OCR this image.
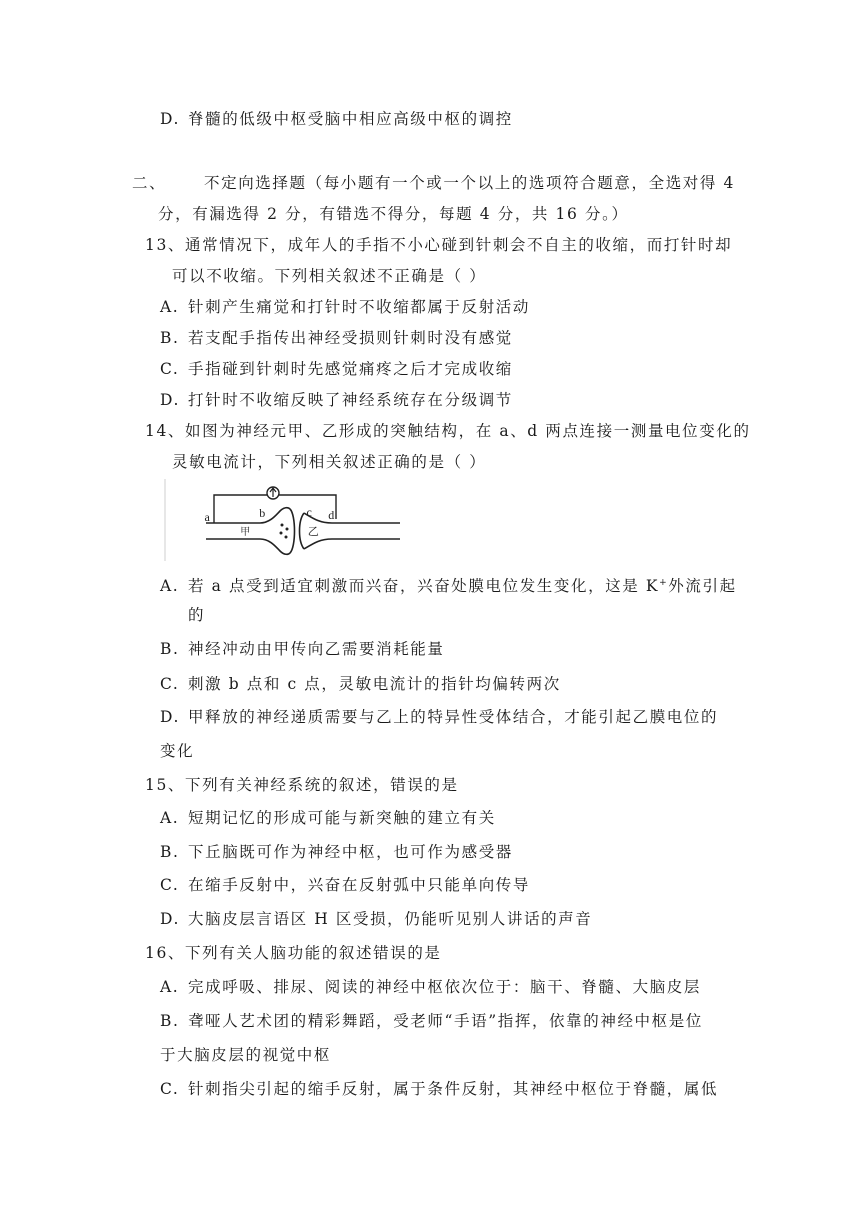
D. 脊髓的低级中枢受脑中相应高级中枢的调控
二、 不定向选择题（每小题有一个或一个以上的选项符合题意，全选对得 4
分，有漏选得 2 分，有错选不得分，每题 4 分，共 16 分。）
13、通常情况下，成年人的手指不小心碰到针刺会不自主的收缩，而打针时却
可以不收缩。下列相关叙述不正确是（ ）
A. 针刺产生痛觉和打针时不收缩都属于反射活动
B. 若支配手指传出神经受损则针刺时没有感觉
C. 手指碰到针刺时先感觉痛疼之后才完成收缩
D. 打针时不收缩反映了神经系统存在分级调节
14、如图为神经元甲、乙形成的突触结构，在 a、d 两点连接一测量电位变化的
灵敏电流计，下列相关叙述正确的是（ ）
a
甲
b
乙
c d
A. 若 a 点受到适宜刺激而兴奋，兴奋处膜电位发生变化，这是 K+外流引起
的
B. 神经冲动由甲传向乙需要消耗能量
C. 刺激 b 点和 c 点，灵敏电流计的指针均偏转两次
D. 甲释放的神经递质需要与乙上的特异性受体结合，才能引起乙膜电位的
变化
15、下列有关神经系统的叙述，错误的是
A. 短期记忆的形成可能与新突触的建立有关
B. 下丘脑既可作为神经中枢，也可作为感受器
C. 在缩手反射中，兴奋在反射弧中只能单向传导
D. 大脑皮层言语区 H 区受损，仍能听见别人讲话的声音
16、下列有关人脑功能的叙述错误的是
A. 完成呼吸、排尿、阅读的神经中枢依次位于：脑干、脊髓、大脑皮层
B. 聋哑人艺术团的精彩舞蹈，受老师“手语”指挥，依靠的神经中枢是位
于大脑皮层的视觉中枢
C. 针刺指尖引起的缩手反射，属于条件反射，其神经中枢位于脊髓，属低
